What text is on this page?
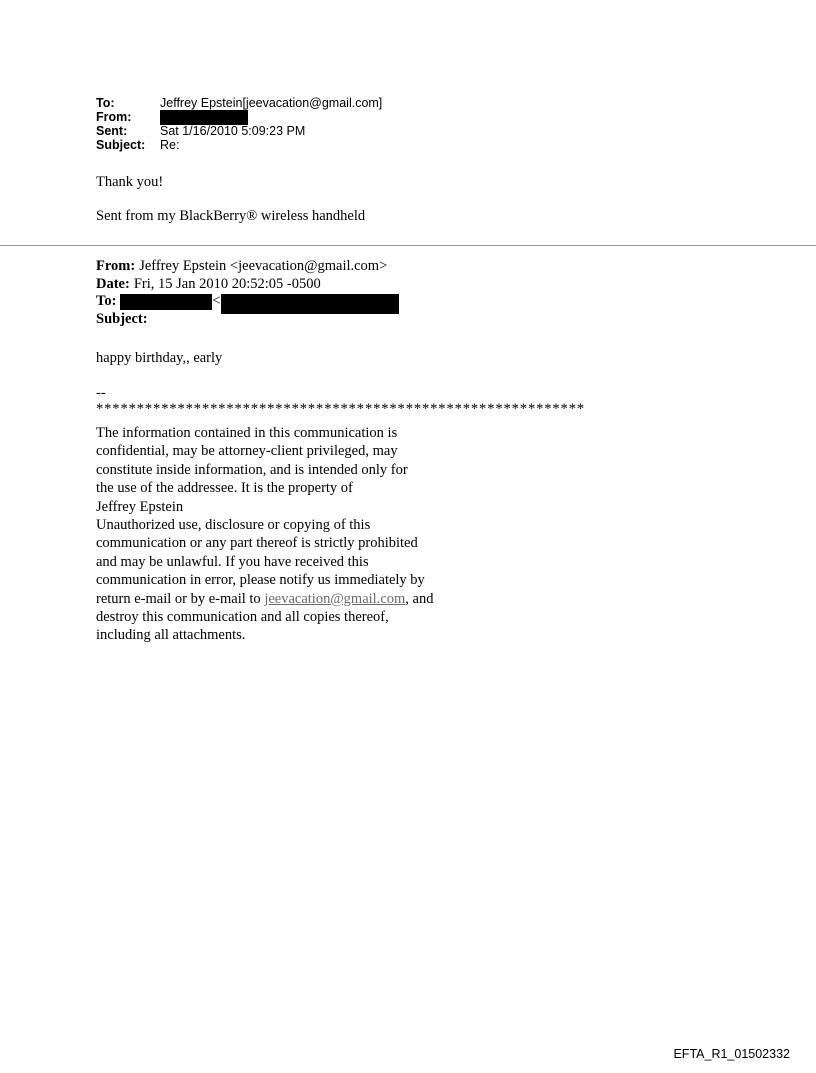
To:	Jeffrey Epstein[jeevacation@gmail.com]
From:
Sent:	Sat 1/16/2010 5:09:23 PM
Subject:	Re:

Thank you!

Sent from my BlackBerry® wireless handheld

From: Jeffrey Epstein <jeevacation@gmail.com>
Date: Fri, 15 Jan 2010 20:52:05 -0500
To:	<
Subject:

happy birthday,, early

--

************************************************************

The information contained in this communication is
confidential, may be attorney-client privileged, may
constitute inside information, and is intended only for
the use of the addressee. It is the property of
Jeffrey Epstein
Unauthorized use, disclosure or copying of this
communication or any part thereof is strictly prohibited
and may be unlawful. If you have received this
communication in error, please notify us immediately by
return e-mail or by e-mail to jeevacation@gmail.com, and
destroy this communication and all copies thereof,
including all attachments.

EFTA_R1_01502332
